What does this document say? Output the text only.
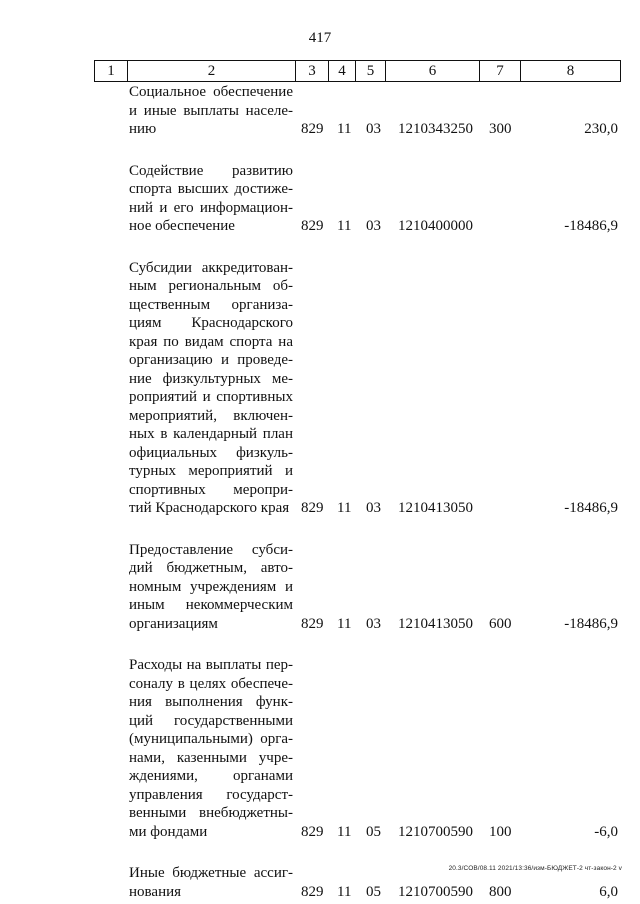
417
1	2	3	4	5	6	7	8
Социальное обеспечение
и иные выплаты населе-
нию	829 11 03 1210343250 300	230,0
Содействие развитию
спорта высших достиже-
ний и его информацион-
ное обеспечение	829 11 03 1210400000	-18486,9
Субсидии аккредитован-
ным региональным об-
щественным организа-
циям Краснодарского
края по видам спорта на
организацию и проведе-
ние физкультурных ме-
роприятий и спортивных
мероприятий, включен-
ных в календарный план
официальных физкуль-
турных мероприятий и
спортивных меропри-
тий Краснодарского края 829 11 03 1210413050	-18486,9
Предоставление субси-
дий бюджетным, авто-
номным учреждениям и
иным некоммерческим
организациям	829 11 03 1210413050 600	-18486,9
Расходы на выплаты пер-
соналу в целях обеспече-
ния выполнения функ-
ций государственными
(муниципальными) орга-
нами, казенными учре-
ждениями, органами
управления государст-
венными внебюджетны-
ми фондами	829 11 05 1210700590 100	-6,0
Иные бюджетные ассиг-
нования	829 11 05 1210700590 800	6,0
20.3/СОВ/08.11 2021/13:36/изм-БЮДЖЕТ-2 чт-закон-2 v
